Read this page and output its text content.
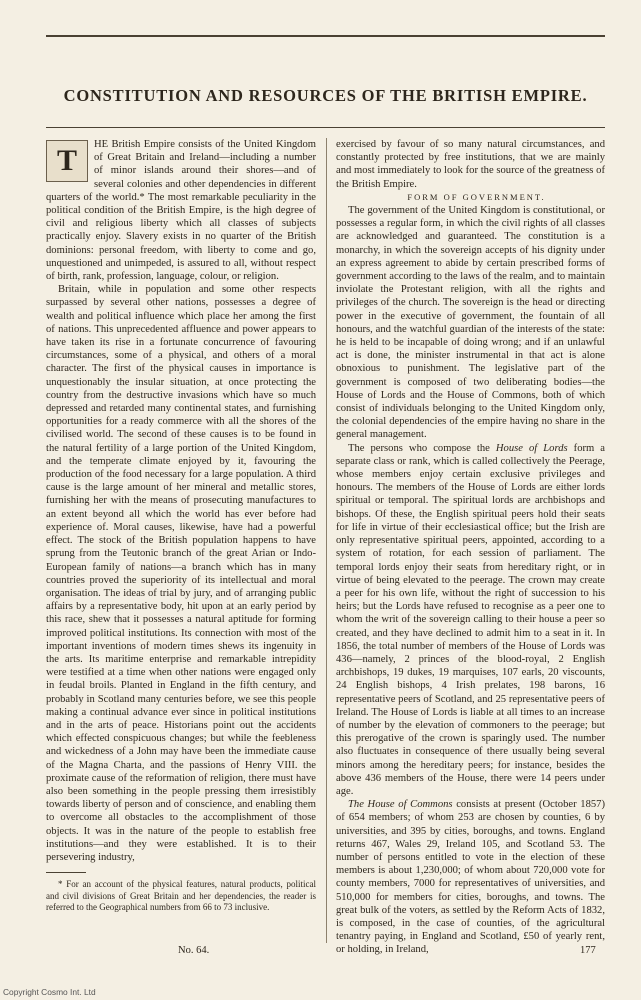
CONSTITUTION AND RESOURCES OF THE BRITISH EMPIRE.

T	HE British Empire consists of the United Kingdom of Great Britain and Ireland—including a number of minor islands around their shores—and of several colonies and other dependencies in different quarters of the world.* The most remarkable peculiarity in the political condition of the British Empire, is the high degree of civil and religious liberty which all classes of subjects practically enjoy. Slavery exists in no quarter of the British dominions: personal freedom, with liberty to come and go, unquestioned and unimpeded, is assured to all, without respect of birth, rank, profession, language, colour, or religion.

Britain, while in population and some other respects surpassed by several other nations, possesses a degree of wealth and political influence which place her among the first of nations. This unprecedented affluence and power appears to have taken its rise in a fortunate concurrence of favouring circumstances, some of a physical, and others of a moral character. The first of the physical causes in importance is unquestionably the insular situation, at once protecting the country from the destructive invasions which have so much depressed and retarded many continental states, and furnishing opportunities for a ready commerce with all the shores of the civilised world. The second of these causes is to be found in the natural fertility of a large portion of the United Kingdom, and the temperate climate enjoyed by it, favouring the production of the food necessary for a large population. A third cause is the large amount of her mineral and metallic stores, furnishing her with the means of prosecuting manufactures to an extent beyond all which the world has ever before had experience of. Moral causes, likewise, have had a powerful effect. The stock of the British population happens to have sprung from the Teutonic branch of the great Arian or Indo-European family of nations—a branch which has in many countries proved the superiority of its intellectual and moral organisation. The ideas of trial by jury, and of arranging public affairs by a representative body, hit upon at an early period by this race, shew that it possesses a natural aptitude for forming improved political institutions. Its connection with most of the important inventions of modern times shews its ingenuity in the arts. Its maritime enterprise and remarkable intrepidity were testified at a time when other nations were engaged only in feudal broils. Planted in England in the fifth century, and probably in Scotland many centuries before, we see this people making a continual advance ever since in political institutions and in the arts of peace. Historians point out the accidents which effected conspicuous changes; but while the feebleness and wickedness of a John may have been the immediate cause of the Magna Charta, and the passions of Henry VIII. the proximate cause of the reformation of religion, there must have also been something in the people pressing them irresistibly towards liberty of person and of conscience, and enabling them to overcome all obstacles to the accomplishment of those objects. It was in the nature of the people to establish free institutions—and they were established. It is to their persevering industry,

* For an account of the physical features, natural products, political and civil divisions of Great Britain and her dependencies, the reader is referred to the Geographical numbers from 66 to 73 inclusive.

exercised by favour of so many natural circumstances, and constantly protected by free institutions, that we are mainly and most immediately to look for the source of the greatness of the British Empire.

FORM OF GOVERNMENT.

The government of the United Kingdom is constitutional, or possesses a regular form, in which the civil rights of all classes are acknowledged and guaranteed. The constitution is a monarchy, in which the sovereign accepts of his dignity under an express agreement to abide by certain prescribed forms of government according to the laws of the realm, and to maintain inviolate the Protestant religion, with all the rights and privileges of the church. The sovereign is the head or directing power in the executive of government, the fountain of all honours, and the watchful guardian of the interests of the state: he is held to be incapable of doing wrong; and if an unlawful act is done, the minister instrumental in that act is alone obnoxious to punishment. The legislative part of the government is composed of two deliberating bodies—the House of Lords and the House of Commons, both of which consist of individuals belonging to the United Kingdom only, the colonial dependencies of the empire having no share in the general management.

The persons who compose the House of Lords form a separate class or rank, which is called collectively the Peerage, whose members enjoy certain exclusive privileges and honours. The members of the House of Lords are either lords spiritual or temporal. The spiritual lords are archbishops and bishops. Of these, the English spiritual peers hold their seats for life in virtue of their ecclesiastical office; but the Irish are only representative spiritual peers, appointed, according to a system of rotation, for each session of parliament. The temporal lords enjoy their seats from hereditary right, or in virtue of being elevated to the peerage. The crown may create a peer for his own life, without the right of succession to his heirs; but the Lords have refused to recognise as a peer one to whom the writ of the sovereign calling to their house a peer so created, and they have declined to admit him to a seat in it. In 1856, the total number of members of the House of Lords was 436—namely, 2 princes of the blood-royal, 2 English archbishops, 19 dukes, 19 marquises, 107 earls, 20 viscounts, 24 English bishops, 4 Irish prelates, 198 barons, 16 representative peers of Scotland, and 25 representative peers of Ireland. The House of Lords is liable at all times to an increase of number by the elevation of commoners to the peerage; but this prerogative of the crown is sparingly used. The number also fluctuates in consequence of there usually being several minors among the hereditary peers; for instance, besides the above 436 members of the House, there were 14 peers under age.

The House of Commons consists at present (October 1857) of 654 members; of whom 253 are chosen by counties, 6 by universities, and 395 by cities, boroughs, and towns. England returns 467, Wales 29, Ireland 105, and Scotland 53. The number of persons entitled to vote in the election of these members is about 1,230,000; of whom about 720,000 vote for county members, 7000 for representatives of universities, and 510,000 for members for cities, boroughs, and towns. The great bulk of the voters, as settled by the Reform Acts of 1832, is composed, in the case of counties, of the agricultural tenantry paying, in England and Scotland, £50 of yearly rent, or holding, in Ireland,

No. 64.	177
Copyright Cosmo Int. Ltd
